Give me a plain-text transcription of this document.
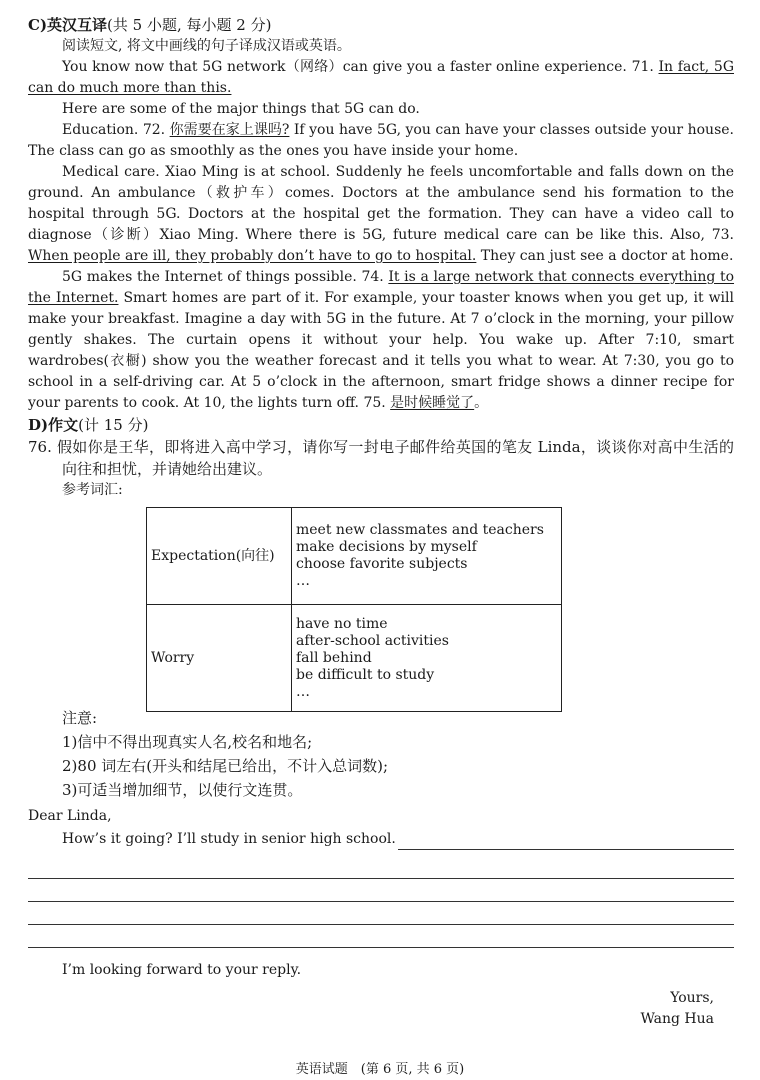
C)英汉互译(共 5 小题, 每小题 2 分)

阅读短文, 将文中画线的句子译成汉语或英语。

You know now that 5G network（网络）can give you a faster online experience. 71. In fact, 5G can do much more than this.

Here are some of the major things that 5G can do.

Education. 72. 你需要在家上课吗? If you have 5G, you can have your classes outside your house. The class can go as smoothly as the ones you have inside your home.

Medical care. Xiao Ming is at school. Suddenly he feels uncomfortable and falls down on the ground. An ambulance（救护车）comes. Doctors at the ambulance send his formation to the hospital through 5G. Doctors at the hospital get the formation. They can have a video call to diagnose（诊断）Xiao Ming. Where there is 5G, future medical care can be like this. Also, 73. When people are ill, they probably don’t have to go to hospital. They can just see a doctor at home.

5G makes the Internet of things possible. 74. It is a large network that connects everything to the Internet. Smart homes are part of it. For example, your toaster knows when you get up, it will make your breakfast. Imagine a day with 5G in the future. At 7 o’clock in the morning, your pillow gently shakes. The curtain opens it without your help. You wake up. After 7:10, smart wardrobes(衣橱) show you the weather forecast and it tells you what to wear. At 7:30, you go to school in a self-driving car. At 5 o’clock in the afternoon, smart fridge shows a dinner recipe for your parents to cook. At 10, the lights turn off. 75. 是时候睡觉了。

D)作文(计 15 分)

76. 假如你是王华，即将进入高中学习，请你写一封电子邮件给英国的笔友 Linda，谈谈你对高中生活的向往和担忧，并请她给出建议。

参考词汇:

Expectation(向往)	meet new classmates and teachers
make decisions by myself
choose favorite subjects
…

Worry	have no time
after-school activities
fall behind
be difficult to study
…

注意:

1)信中不得出现真实人名,校名和地名;

2)80 词左右(开头和结尾已给出，不计入总词数);

3)可适当增加细节，以使行文连贯。

Dear Linda,

How’s it going? I’ll study in senior high school.

I’m looking forward to your reply.

Yours,

Wang Hua

英语试题　(第 6 页, 共 6 页)
